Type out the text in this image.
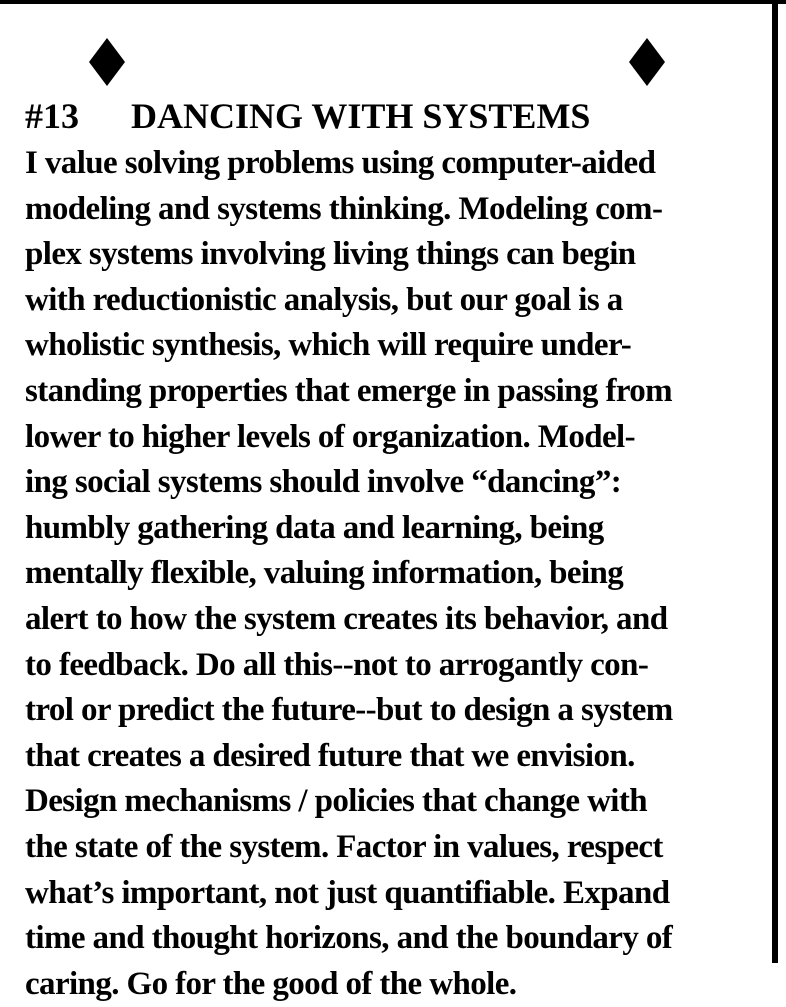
#13 DANCING WITH SYSTEMS
I value solving problems using computer-aided
modeling and systems thinking. Modeling com-
plex systems involving living things can begin
with reductionistic analysis, but our goal is a
wholistic synthesis, which will require under-
standing properties that emerge in passing from
lower to higher levels of organization. Model-
ing social systems should involve “dancing”:
humbly gathering data and learning, being
mentally flexible, valuing information, being
alert to how the system creates its behavior, and
to feedback. Do all this--not to arrogantly con-
trol or predict the future--but to design a system
that creates a desired future that we envision.
Design mechanisms / policies that change with
the state of the system. Factor in values, respect
what’s important, not just quantifiable. Expand
time and thought horizons, and the boundary of
caring. Go for the good of the whole.
